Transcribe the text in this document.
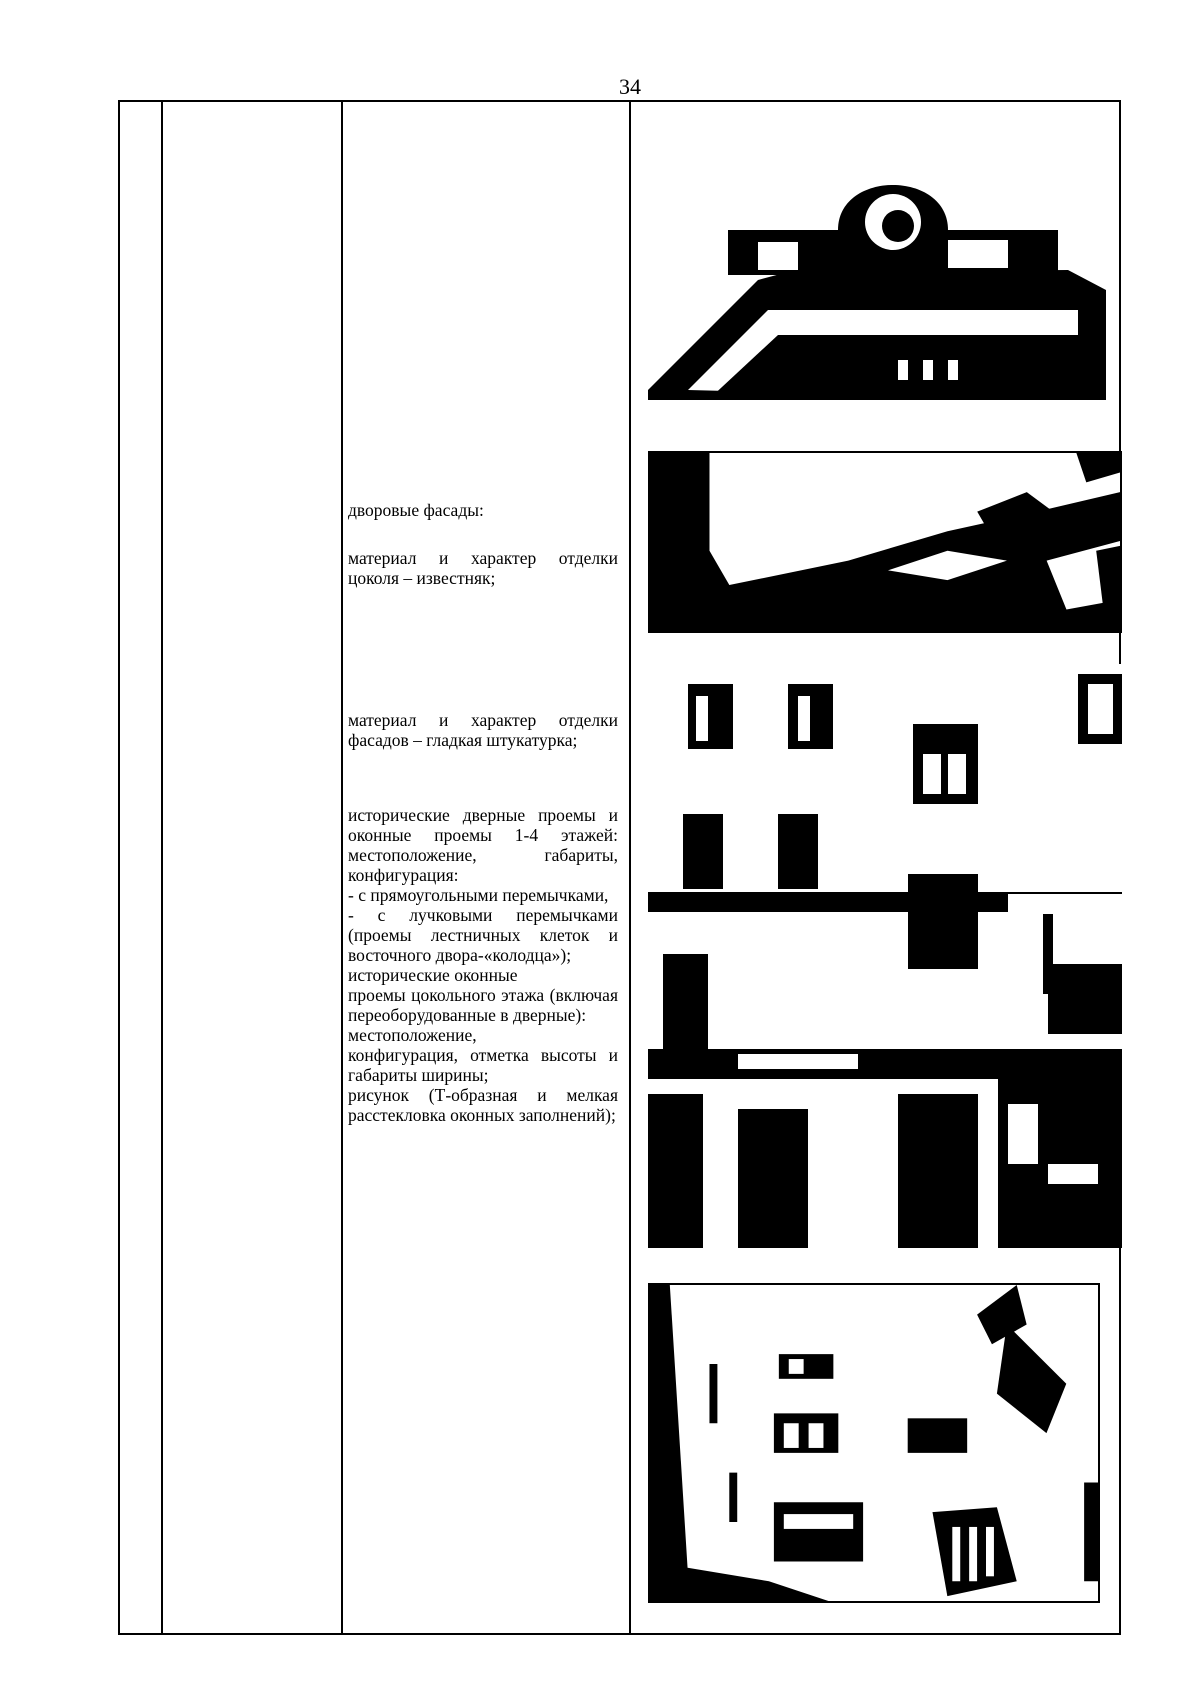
34

дворовые фасады:

материал и характер отделки цоколя – известняк;

материал и характер отделки фасадов – гладкая штукатурка;

исторические дверные проемы и оконные проемы 1-4 этажей: местоположение, габариты, конфигурация:

- с прямоугольными перемычками,

- с лучковыми перемычками (проемы лестничных клеток и восточного двора-«колодца»);

исторические оконные

проемы цокольного этажа (включая переоборудованные в дверные):

местоположение,

конфигурация, отметка высоты и габариты ширины;

рисунок (Т-образная и мелкая расстекловка оконных заполнений);
